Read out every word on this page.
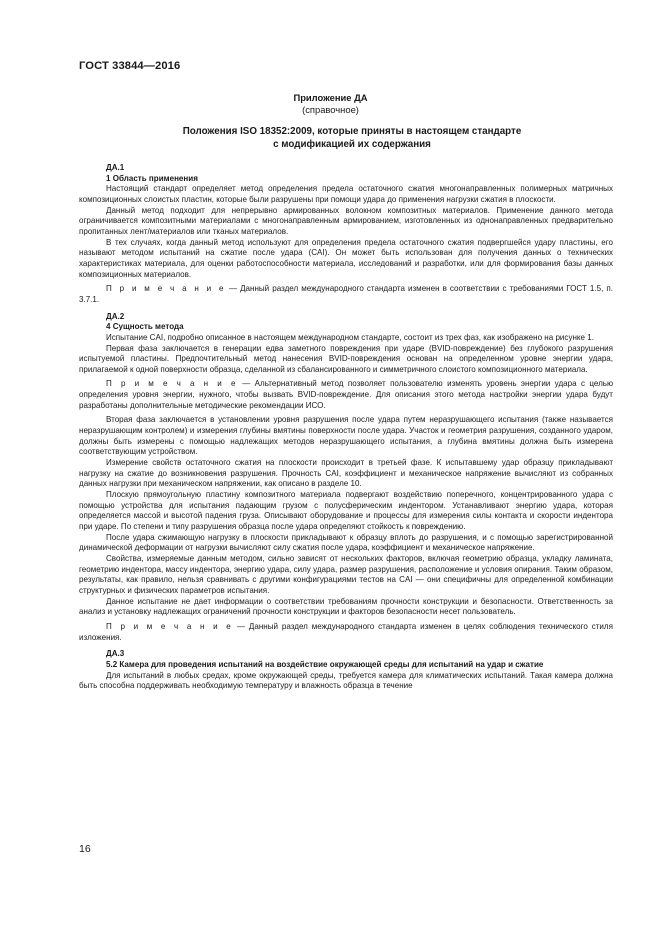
ГОСТ 33844—2016
Приложение ДА
(справочное)
Положения ISO 18352:2009, которые приняты в настоящем стандарте
с модификацией их содержания

ДА.1

1 Область применения

Настоящий стандарт определяет метод определения предела остаточного сжатия многонаправленных полимерных матричных композиционных слоистых пластин, которые были разрушены при помощи удара до применения нагрузки сжатия в плоскости.

Данный метод подходит для непрерывно армированных волокном композитных материалов. Применение данного метода ограничивается композитными материалами с многонаправленным армированием, изготовленных из однонаправленных предварительно пропитанных лент/материалов или тканых материалов.

В тех случаях, когда данный метод используют для определения предела остаточного сжатия подвергшейся удару пластины, его называют методом испытаний на сжатие после удара (CAI). Он может быть использован для получения данных о технических характеристиках материала, для оценки работоспособности материала, исследований и разработки, или для формирования базы данных композиционных материалов.

П р и м е ч а н и е — Данный раздел международного стандарта изменен в соответствии с требованиями ГОСТ 1.5, п. 3.7.1.

ДА.2

4 Сущность метода

Испытание CAI, подробно описанное в настоящем международном стандарте, состоит из трех фаз, как изображено на рисунке 1.

Первая фаза заключается в генерации едва заметного повреждения при ударе (BVID-повреждение) без глубокого разрушения испытуемой пластины. Предпочтительный метод нанесения BVID-повреждения основан на определенном уровне энергии удара, прилагаемой к одной поверхности образца, сделанной из сбалансированного и симметричного слоистого композиционного материала.

П р и м е ч а н и е — Альтернативный метод позволяет пользователю изменять уровень энергии удара с целью определения уровня энергии, нужного, чтобы вызвать BVID-повреждение. Для описания этого метода настройки энергии удара будут разработаны дополнительные методические рекомендации ИСО.

Вторая фаза заключается в установлении уровня разрушения после удара путем неразрушающего испытания (также называется неразрушающим контролем) и измерения глубины вмятины поверхности после удара. Участок и геометрия разрушения, созданного ударом, должны быть измерены с помощью надлежащих методов неразрушающего испытания, а глубина вмятины должна быть измерена соответствующим устройством.

Измерение свойств остаточного сжатия на плоскости происходит в третьей фазе. К испытавшему удар образцу прикладывают нагрузку на сжатие до возникновения разрушения. Прочность CAI, коэффициент и механическое напряжение вычисляют из собранных данных нагрузки при механическом напряжении, как описано в разделе 10.

Плоскую прямоугольную пластину композитного материала подвергают воздействию поперечного, концентрированного удара с помощью устройства для испытания падающим грузом с полусферическим индентором. Устанавливают энергию удара, которая определяется массой и высотой падения груза. Описывают оборудование и процессы для измерения силы контакта и скорости индентора при ударе. По степени и типу разрушения образца после удара определяют стойкость к повреждению.

После удара сжимающую нагрузку в плоскости прикладывают к образцу вплоть до разрушения, и с помощью зарегистрированной динамической деформации от нагрузки вычисляют силу сжатия после удара, коэффициент и механическое напряжение.

Свойства, измеряемые данным методом, сильно зависят от нескольких факторов, включая геометрию образца, укладку ламината, геометрию индентора, массу индентора, энергию удара, силу удара, размер разрушения, расположение и условия опирания. Таким образом, результаты, как правило, нельзя сравнивать с другими конфигурациями тестов на CAI — они специфичны для определенной комбинации структурных и физических параметров испытания.

Данное испытание не дает информации о соответствии требованиям прочности конструкции и безопасности. Ответственность за анализ и установку надлежащих ограничений прочности конструкции и факторов безопасности несет пользователь.

П р и м е ч а н и е — Данный раздел международного стандарта изменен в целях соблюдения технического стиля изложения.

ДА.3

5.2 Камера для проведения испытаний на воздействие окружающей среды для испытаний на удар и сжатие

Для испытаний в любых средах, кроме окружающей среды, требуется камера для климатических испытаний. Такая камера должна быть способна поддерживать необходимую температуру и влажность образца в течение

16
